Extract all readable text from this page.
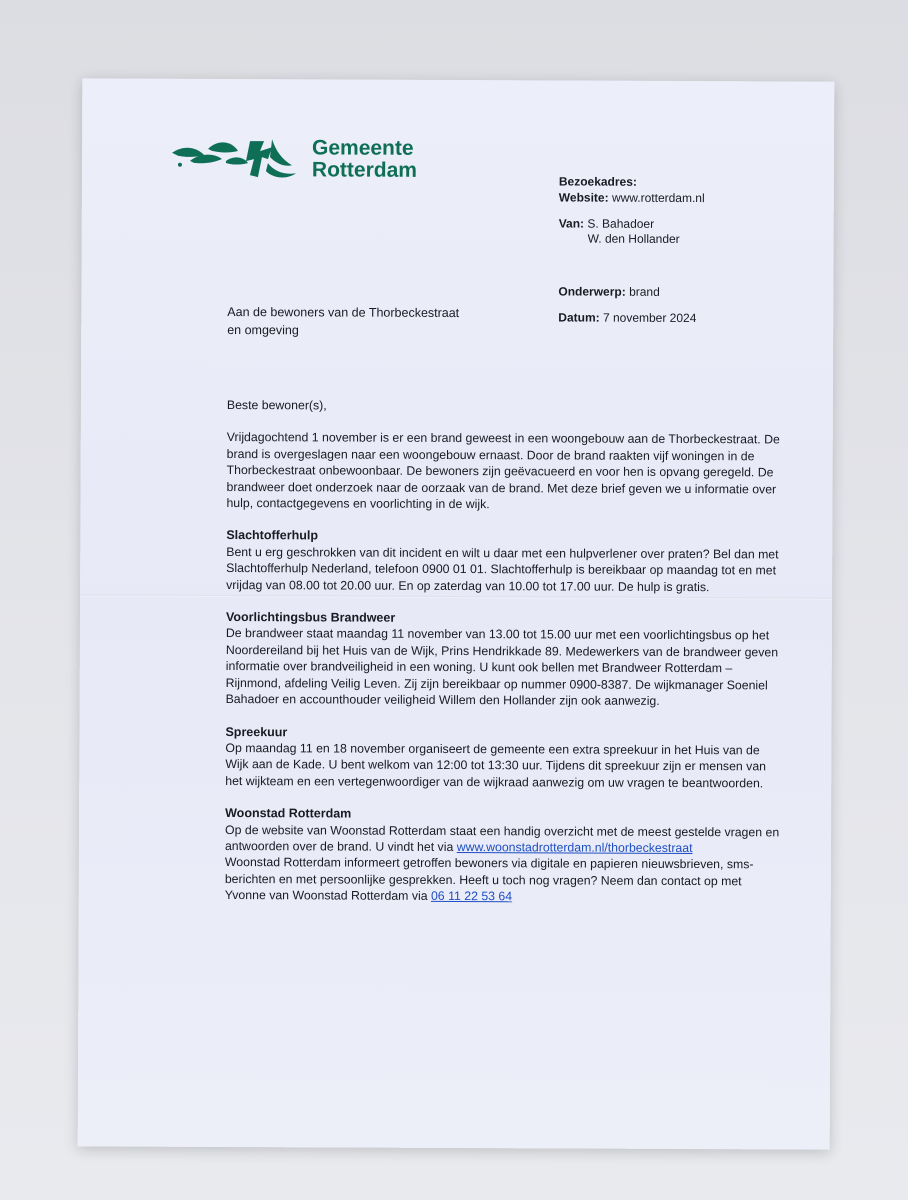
Gemeente
Rotterdam	Bezoekadres:
Website: www.rotterdam.nl
Van: S. Bahadoer
W. den Hollander
Onderwerp: brand
Datum: 7 november 2024
Aan de bewoners van de Thorbeckestraat
en omgeving

Beste bewoner(s),

Vrijdagochtend 1 november is er een brand geweest in een woongebouw aan de Thorbeckestraat. De brand is overgeslagen naar een woongebouw ernaast. Door de brand raakten vijf woningen in de Thorbeckestraat onbewoonbaar. De bewoners zijn geëvacueerd en voor hen is opvang geregeld. De brandweer doet onderzoek naar de oorzaak van de brand. Met deze brief geven we u informatie over hulp, contactgegevens en voorlichting in de wijk.

Slachtofferhulp
Bent u erg geschrokken van dit incident en wilt u daar met een hulpverlener over praten? Bel dan met Slachtofferhulp Nederland, telefoon 0900 01 01. Slachtofferhulp is bereikbaar op maandag tot en met vrijdag van 08.00 tot 20.00 uur. En op zaterdag van 10.00 tot 17.00 uur. De hulp is gratis.
Voorlichtingsbus Brandweer
De brandweer staat maandag 11 november van 13.00 tot 15.00 uur met een voorlichtingsbus op het Noordereiland bij het Huis van de Wijk, Prins Hendrikkade 89. Medewerkers van de brandweer geven informatie over brandveiligheid in een woning. U kunt ook bellen met Brandweer Rotterdam – Rijnmond, afdeling Veilig Leven. Zij zijn bereikbaar op nummer 0900-8387. De wijkmanager Soeniel Bahadoer en accounthouder veiligheid Willem den Hollander zijn ook aanwezig.
Spreekuur
Op maandag 11 en 18 november organiseert de gemeente een extra spreekuur in het Huis van de Wijk aan de Kade. U bent welkom van 12:00 tot 13:30 uur. Tijdens dit spreekuur zijn er mensen van het wijkteam en een vertegenwoordiger van de wijkraad aanwezig om uw vragen te beantwoorden.
Woonstad Rotterdam
Op de website van Woonstad Rotterdam staat een handig overzicht met de meest gestelde vragen en antwoorden over de brand. U vindt het via www.woonstadrotterdam.nl/thorbeckestraat
Woonstad Rotterdam informeert getroffen bewoners via digitale en papieren nieuwsbrieven, sms-berichten en met persoonlijke gesprekken. Heeft u toch nog vragen? Neem dan contact op met Yvonne van Woonstad Rotterdam via 06 11 22 53 64
